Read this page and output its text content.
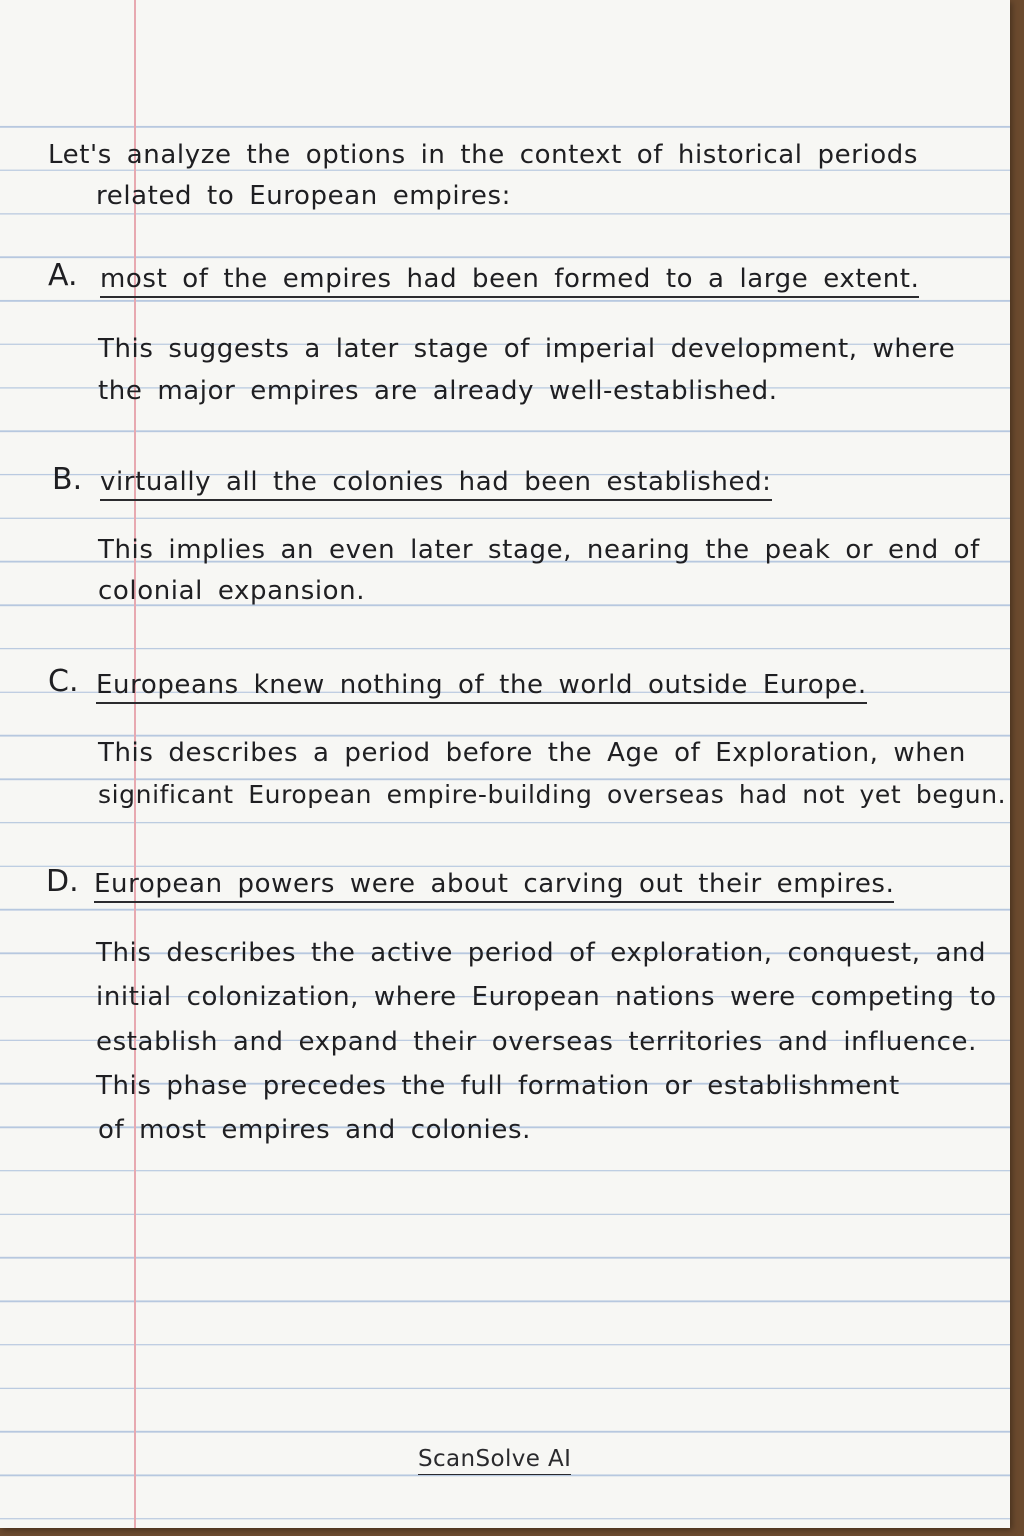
Let's analyze the options in the context of historical periods

related to European empires:

A. most of the empires had been formed to a large extent.

This suggests a later stage of imperial development, where

the major empires are already well-established.

B. virtually all the colonies had been established:

This implies an even later stage, nearing the peak or end of

colonial expansion.

C. Europeans knew nothing of the world outside Europe.

This describes a period before the Age of Exploration, when

significant European empire-building overseas had not yet begun.

D. European powers were about carving out their empires.

This describes the active period of exploration, conquest, and

initial colonization, where European nations were competing to

establish and expand their overseas territories and influence.

This phase precedes the full formation or establishment

of most empires and colonies.

ScanSolve AI
